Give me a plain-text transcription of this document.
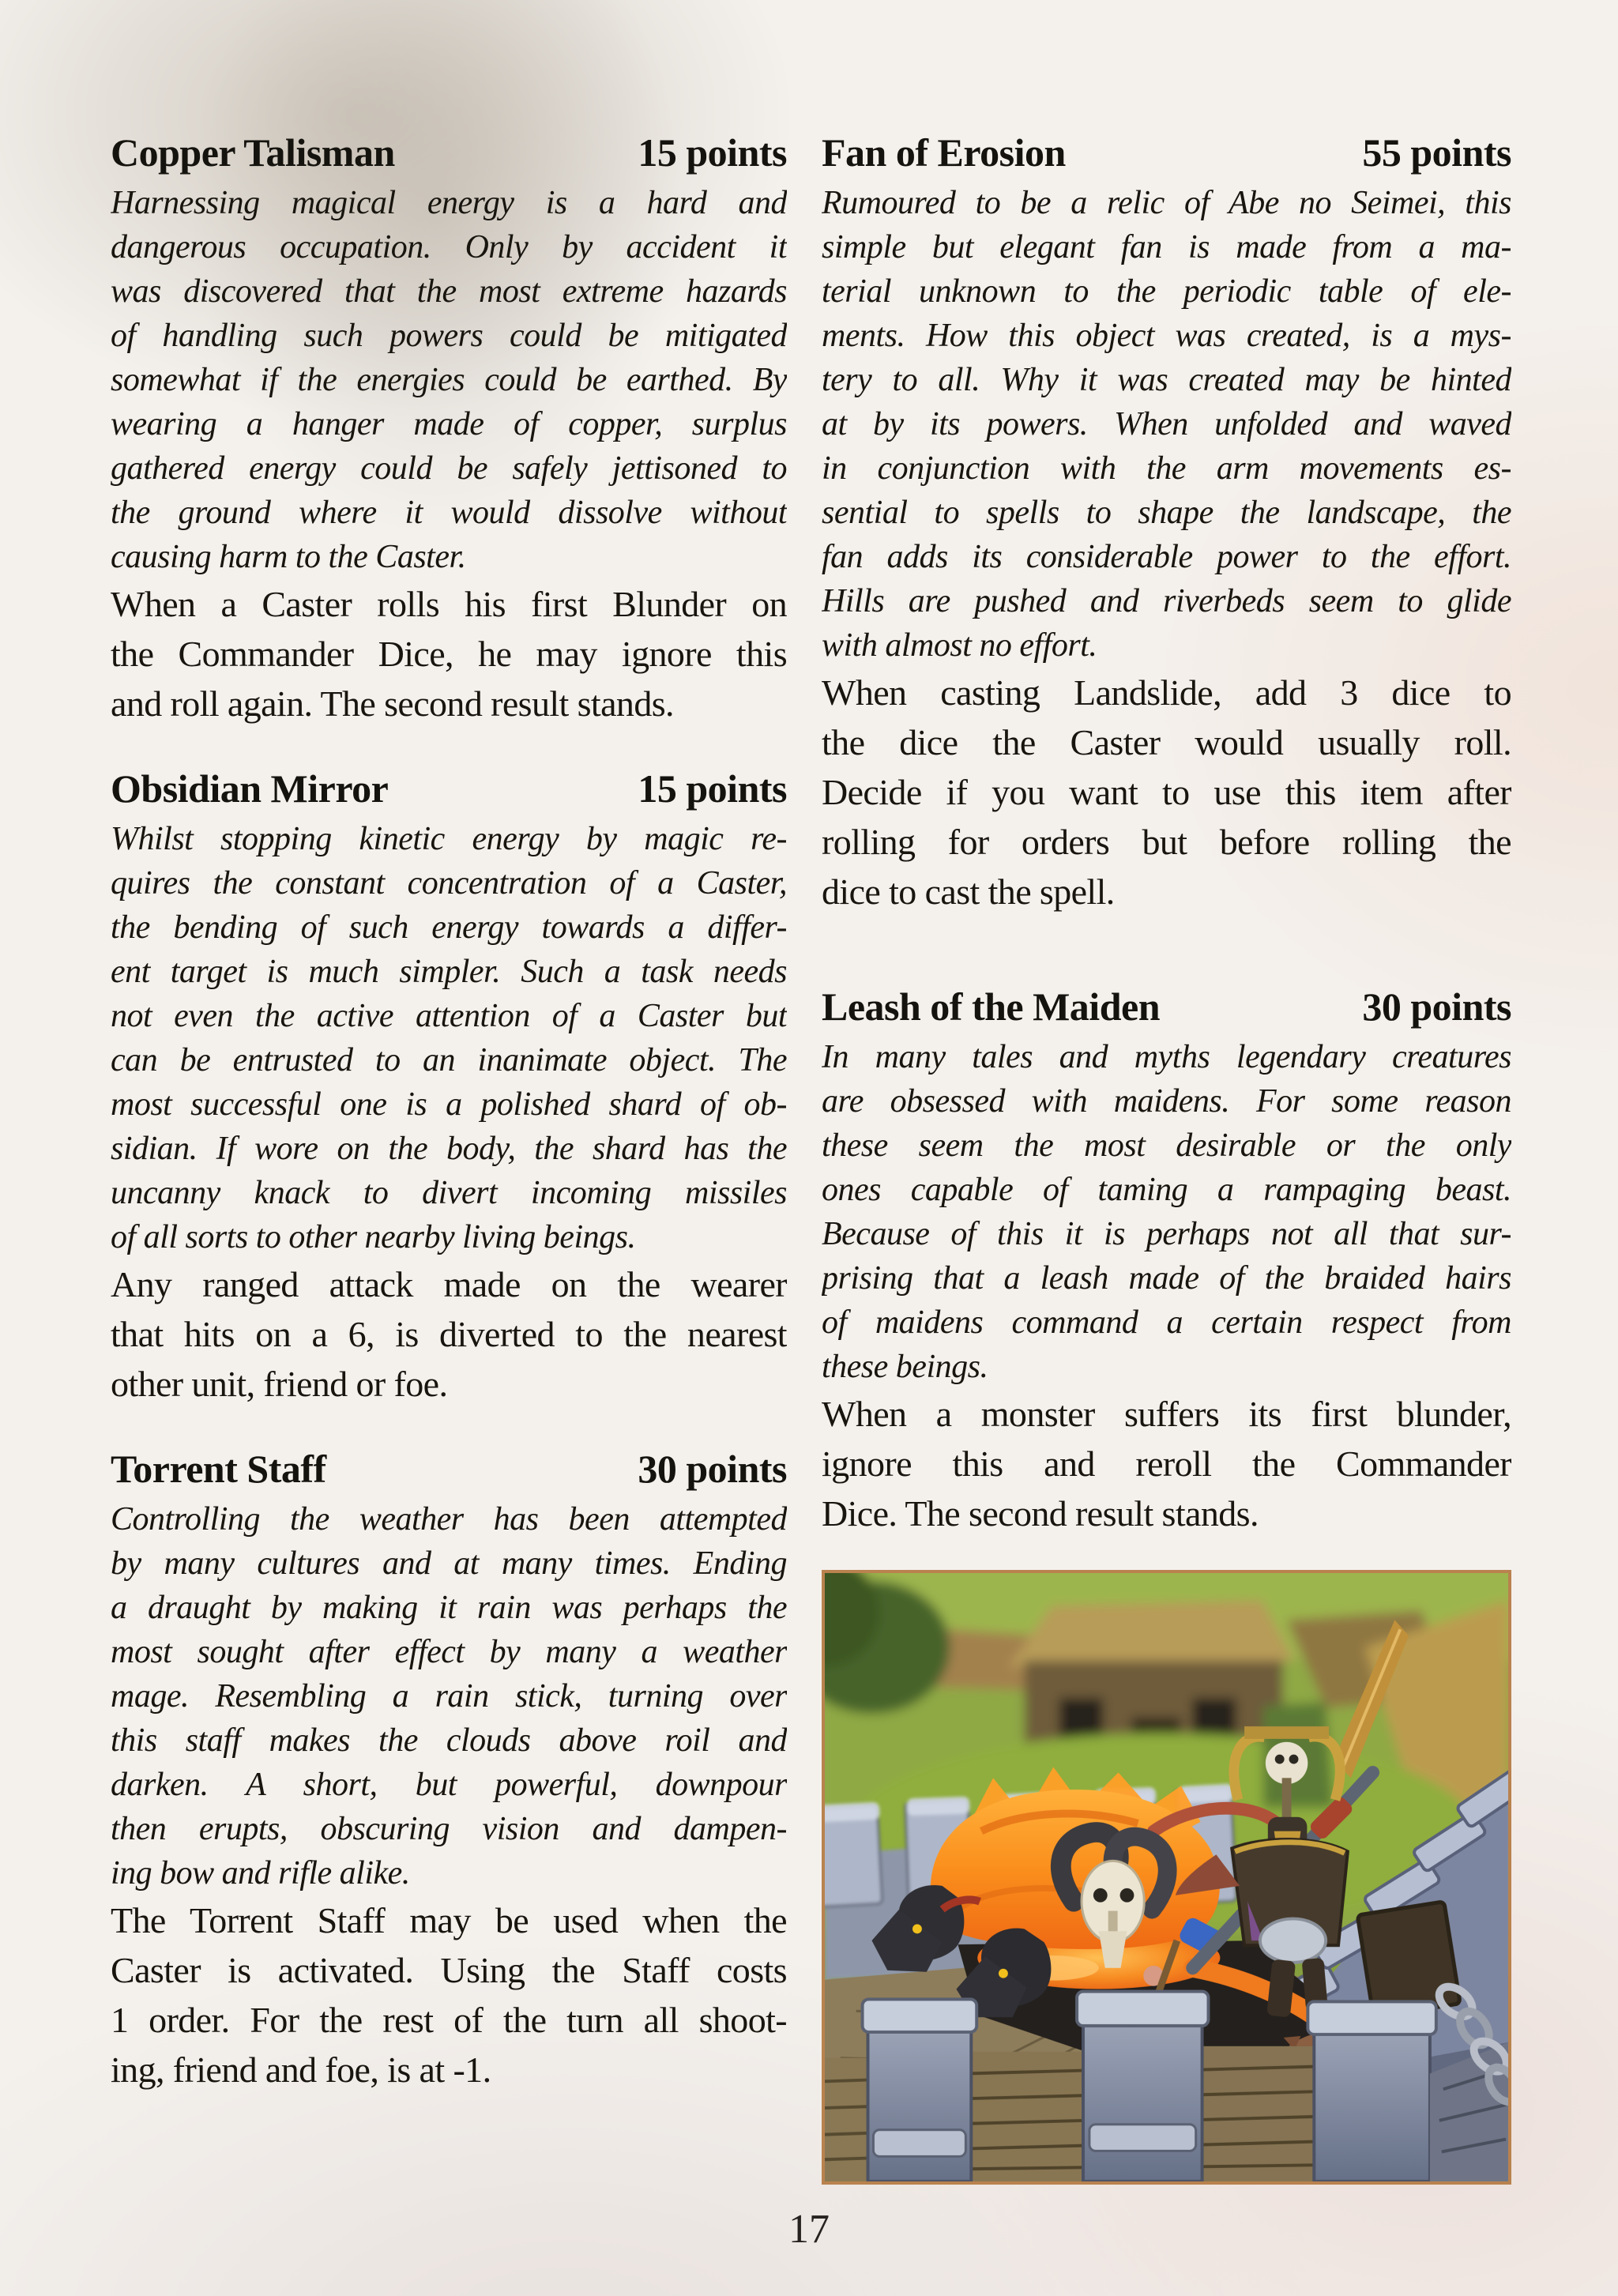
Copper Talisman	15 points
Harnessing magical energy is a hard and
dangerous occupation. Only by accident it
was discovered that the most extreme hazards
of handling such powers could be mitigated
somewhat if the energies could be earthed. By
wearing a hanger made of copper, surplus
gathered energy could be safely jettisoned to
the ground where it would dissolve without
causing harm to the Caster.
When a Caster rolls his first Blunder on
the Commander Dice, he may ignore this
and roll again. The second result stands.
Obsidian Mirror	15 points
Whilst stopping kinetic energy by magic re-
quires the constant concentration of a Caster,
the bending of such energy towards a differ-
ent target is much simpler. Such a task needs
not even the active attention of a Caster but
can be entrusted to an inanimate object. The
most successful one is a polished shard of ob-
sidian. If wore on the body, the shard has the
uncanny knack to divert incoming missiles
of all sorts to other nearby living beings.
Any ranged attack made on the wearer
that hits on a 6, is diverted to the nearest
other unit, friend or foe.
Torrent Staff	30 points
Controlling the weather has been attempted
by many cultures and at many times. Ending
a draught by making it rain was perhaps the
most sought after effect by many a weather
mage. Resembling a rain stick, turning over
this staff makes the clouds above roil and
darken. A short, but powerful, downpour
then erupts, obscuring vision and dampen-
ing bow and rifle alike.
The Torrent Staff may be used when the
Caster is activated. Using the Staff costs
1 order. For the rest of the turn all shoot-
ing, friend and foe, is at -1.
Fan of Erosion	55 points
Rumoured to be a relic of Abe no Seimei, this
simple but elegant fan is made from a ma-
terial unknown to the periodic table of ele-
ments. How this object was created, is a mys-
tery to all. Why it was created may be hinted
at by its powers. When unfolded and waved
in conjunction with the arm movements es-
sential to spells to shape the landscape, the
fan adds its considerable power to the effort.
Hills are pushed and riverbeds seem to glide
with almost no effort.
When casting Landslide, add 3 dice to
the dice the Caster would usually roll.
Decide if you want to use this item after
rolling for orders but before rolling the
dice to cast the spell.
Leash of the Maiden	30 points
In many tales and myths legendary creatures
are obsessed with maidens. For some reason
these seem the most desirable or the only
ones capable of taming a rampaging beast.
Because of this it is perhaps not all that sur-
prising that a leash made of the braided hairs
of maidens command a certain respect from
these beings.
When a monster suffers its first blunder,
ignore this and reroll the Commander
Dice. The second result stands.
17
